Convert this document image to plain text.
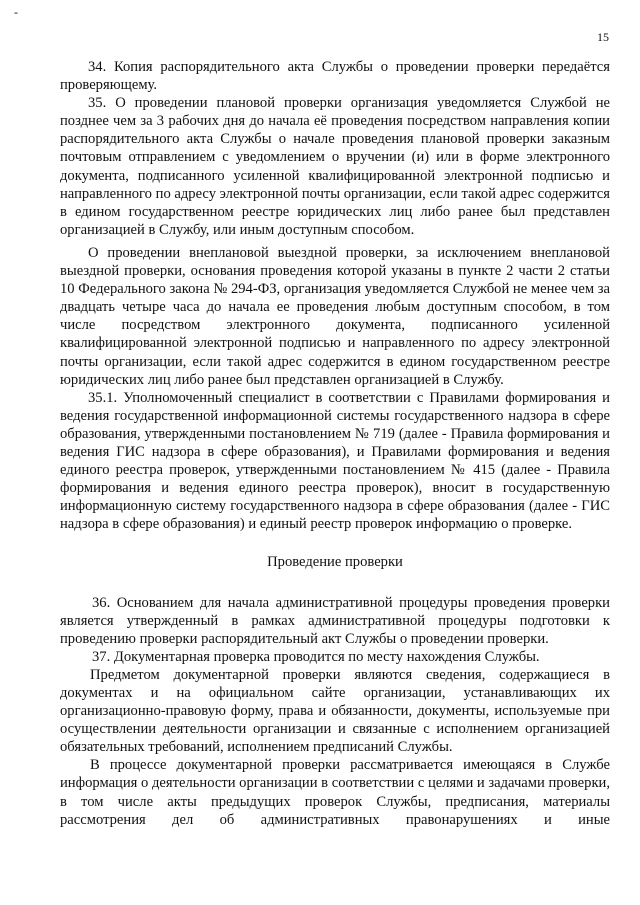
-
15

34. Копия распорядительного акта Службы о проведении проверки передаётся проверяющему.

35. О проведении плановой проверки организация уведомляется Службой не позднее чем за 3 рабочих дня до начала её проведения посредством направления копии распорядительного акта Службы о начале проведения плановой проверки заказным почтовым отправлением с уведомлением о вручении (и) или в форме электронного документа, подписанного усиленной квалифицированной электронной подписью и направленного по адресу электронной почты организации, если такой адрес содержится в едином государственном реестре юридических лиц либо ранее был представлен организацией в Службу, или иным доступным способом.

О проведении внеплановой выездной проверки, за исключением внеплановой выездной проверки, основания проведения которой указаны в пункте 2 части 2 статьи 10 Федерального закона № 294-ФЗ, организация уведомляется Службой не менее чем за двадцать четыре часа до начала ее проведения любым доступным способом, в том числе посредством электронного документа, подписанного усиленной квалифицированной электронной подписью и направленного по адресу электронной почты организации, если такой адрес содержится в едином государственном реестре юридических лиц либо ранее был представлен организацией в Службу.

35.1. Уполномоченный специалист в соответствии с Правилами формирования и ведения государственной информационной системы государственного надзора в сфере образования, утвержденными постановлением № 719 (далее - Правила формирования и ведения ГИС надзора в сфере образования), и Правилами формирования и ведения единого реестра проверок, утвержденными постановлением № 415 (далее - Правила формирования и ведения единого реестра проверок), вносит в государственную информационную систему государственного надзора в сфере образования (далее - ГИС надзора в сфере образования) и единый реестр проверок информацию о проверке.

Проведение проверки

36. Основанием для начала административной процедуры проведения проверки является утвержденный в рамках административной процедуры подготовки к проведению проверки распорядительный акт Службы о проведении проверки.

37. Документарная проверка проводится по месту нахождения Службы.

Предметом документарной проверки являются сведения, содержащиеся в документах и на официальном сайте организации, устанавливающих их организационно-правовую форму, права и обязанности, документы, используемые при осуществлении деятельности организации и связанные с исполнением организацией обязательных требований, исполнением предписаний Службы.

В процессе документарной проверки рассматривается имеющаяся в Службе информация о деятельности организации в соответствии с целями и задачами проверки, в том числе акты предыдущих проверок Службы, предписания, материалы рассмотрения дел об административных правонарушениях и иные
